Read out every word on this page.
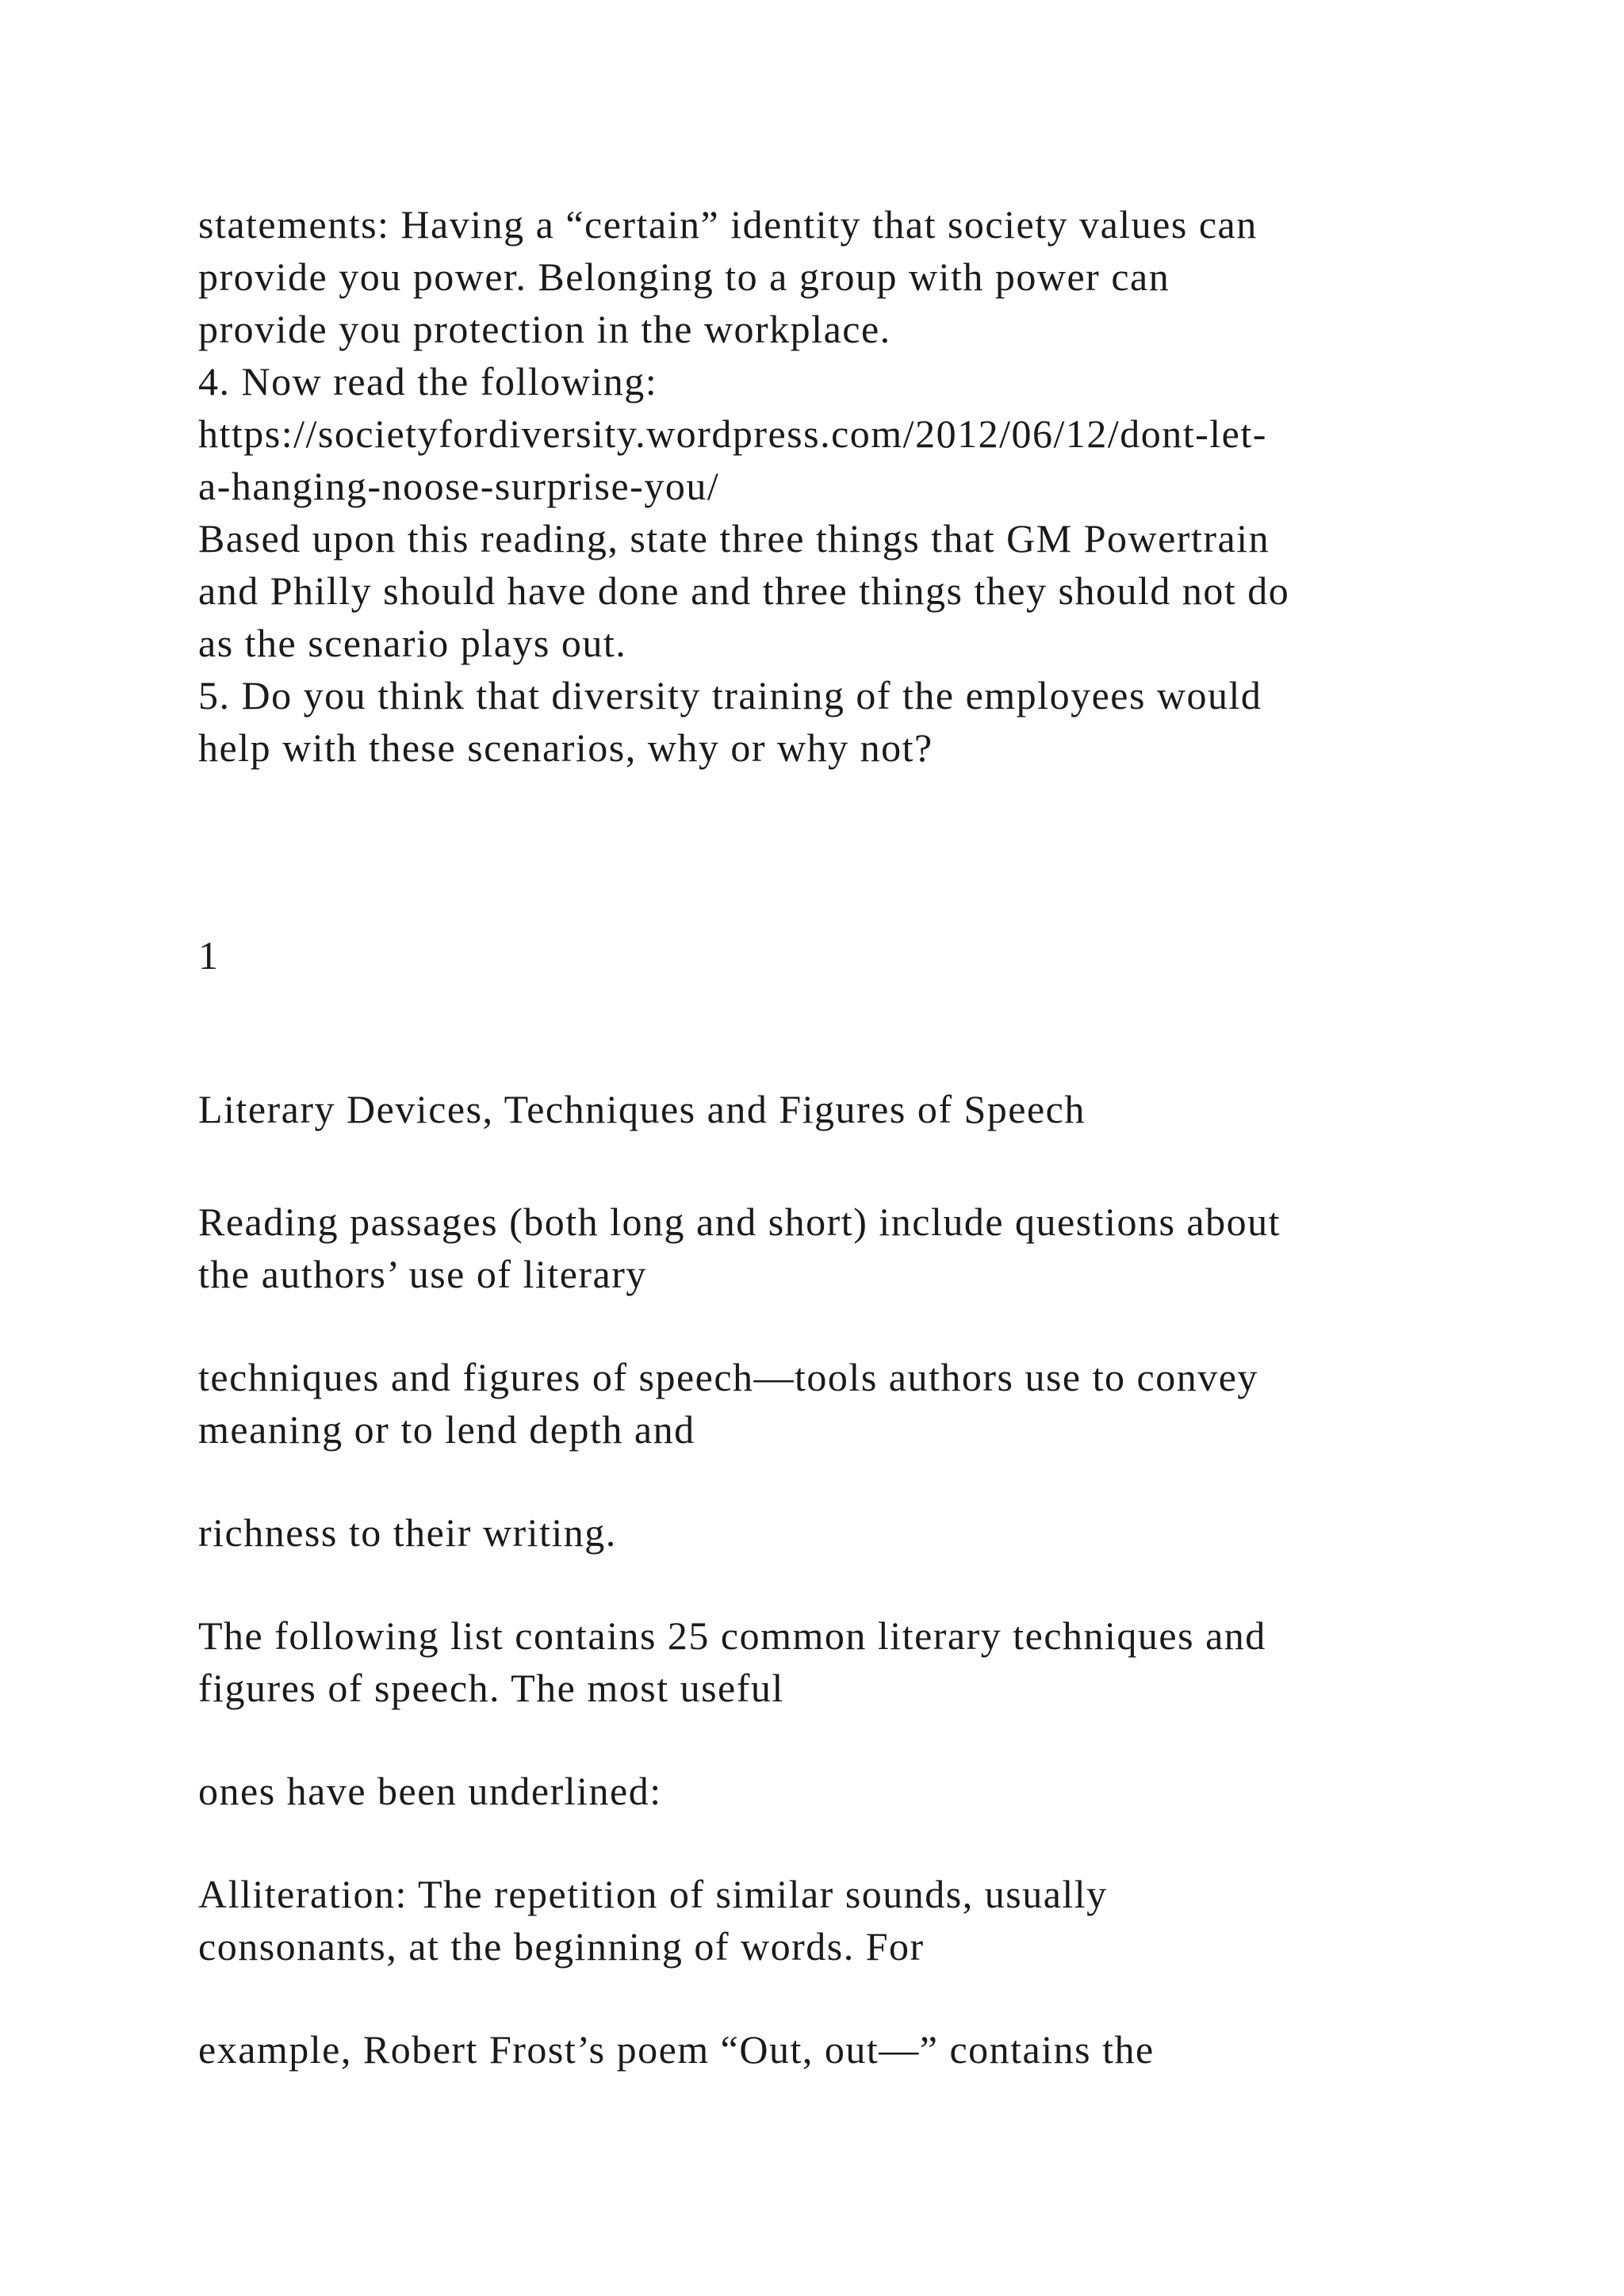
statements: Having a “certain” identity that society values can
provide you power. Belonging to a group with power can
provide you protection in the workplace.
4. Now read the following:
https://societyfordiversity.wordpress.com/2012/06/12/dont-let-
a-hanging-noose-surprise-you/
Based upon this reading, state three things that GM Powertrain
and Philly should have done and three things they should not do
as the scenario plays out.
5. Do you think that diversity training of the employees would
help with these scenarios, why or why not?
1
Literary Devices, Techniques and Figures of Speech
Reading passages (both long and short) include questions about
the authors’ use of literary
techniques and figures of speech—tools authors use to convey
meaning or to lend depth and
richness to their writing.
The following list contains 25 common literary techniques and
figures of speech. The most useful
ones have been underlined:
Alliteration: The repetition of similar sounds, usually
consonants, at the beginning of words. For
example, Robert Frost’s poem “Out, out—” contains the
